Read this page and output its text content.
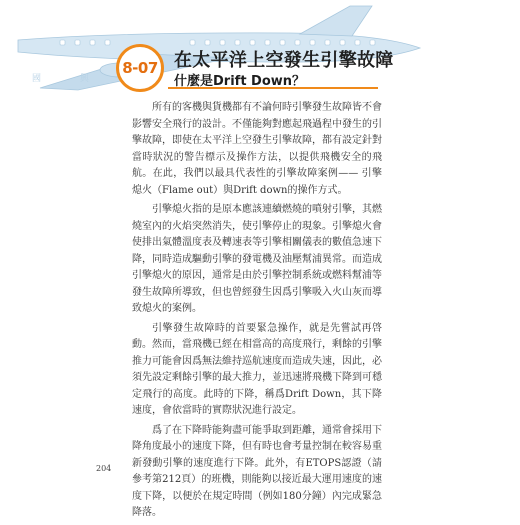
國 興
8-07 在太平洋上空發生引擎故障
什麼是Drift Down？

所有的客機與貨機都有不論何時引擎發生故障皆不會影響安全飛行的設計。不僅能夠對應起飛過程中發生的引擎故障，即使在太平洋上空發生引擎故障，都有設定針對當時狀況的警告標示及操作方法，以提供飛機安全的飛航。在此，我們以最具代表性的引擎故障案例—— 引擎熄火（Flame out）與Drift down的操作方式。

引擎熄火指的是原本應該連續燃燒的噴射引擎，其燃燒室內的火焰突然消失，使引擎停止的現象。引擎熄火會使排出氣體溫度表及轉速表等引擎相關儀表的數值急速下降，同時造成驅動引擎的發電機及油壓幫浦異常。而造成引擎熄火的原因，通常是由於引擎控制系統或燃料幫浦等發生故障所導致，但也曾經發生因爲引擎吸入火山灰而導致熄火的案例。

引擎發生故障時的首要緊急操作，就是先嘗試再啓動。然而，當飛機已經在相當高的高度飛行，剩餘的引擎推力可能會因爲無法維持巡航速度而造成失速，因此，必須先設定剩餘引擎的最大推力，並迅速將飛機下降到可穩定飛行的高度。此時的下降，稱爲Drift Down，其下降速度，會依當時的實際狀況進行設定。

爲了在下降時能夠盡可能爭取到距離，通常會採用下降角度最小的速度下降，但有時也會考量控制在較容易重新發動引擎的速度進行下降。此外，有ETOPS認證（請參考第212頁）的班機，則能夠以接近最大運用速度的速度下降，以便於在規定時間（例如180分鐘）內完成緊急降落。

204
